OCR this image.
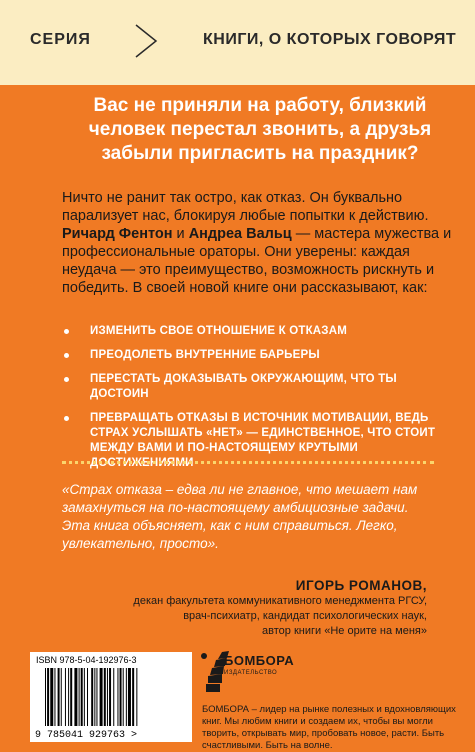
СЕРИЯ	КНИГИ, О КОТОРЫХ ГОВОРЯТ
Вас не приняли на работу, близкий человек перестал звонить, а друзья забыли пригласить на праздник?
Ничто не ранит так остро, как отказ. Он буквально парализует нас, блокируя любые попытки к действию.
Ричард Фентон и Андреа Вальц — мастера мужества и профессиональные ораторы. Они уверены: каждая неудача — это преимущество, возможность рискнуть и победить. В своей новой книге они рассказывают, как:
ИЗМЕНИТЬ СВОЕ ОТНОШЕНИЕ К ОТКАЗАМ
ПРЕОДОЛЕТЬ ВНУТРЕННИЕ БАРЬЕРЫ
ПЕРЕСТАТЬ ДОКАЗЫВАТЬ ОКРУЖАЮЩИМ, ЧТО ТЫ ДОСТОИН
ПРЕВРАЩАТЬ ОТКАЗЫ В ИСТОЧНИК МОТИВАЦИИ, ВЕДЬ СТРАХ УСЛЫШАТЬ «НЕТ» — ЕДИНСТВЕННОЕ, ЧТО СТОИТ МЕЖДУ ВАМИ И ПО-НАСТОЯЩЕМУ КРУТЫМИ ДОСТИЖЕНИЯМИ
«Страх отказа – едва ли не главное, что мешает нам замахнуться на по-настоящему амбициозные задачи. Эта книга объясняет, как с ним справиться. Легко, увлекательно, просто».
ИГОРЬ РОМАНОВ,
декан факультета коммуникативного менеджмента РГСУ,
врач-психиатр, кандидат психологических наук,
автор книги «Не орите на меня»
ISBN 978-5-04-192976-3
9 785041 929763 >
БОМБОРА
ИЗДАТЕЛЬСТВО
БОМБОРА – лидер на рынке полезных и вдохновляющих книг. Мы любим книги и создаем их, чтобы вы могли творить, открывать мир, пробовать новое, расти. Быть счастливыми. Быть на волне.
